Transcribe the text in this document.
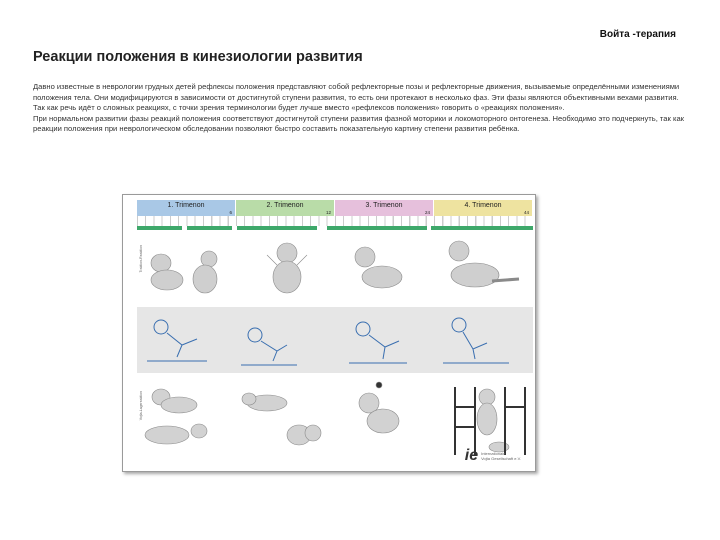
Войта -терапия
Реакции положения в кинезиологии развития

Давно известные в неврологии грудных детей рефлексы положения представляют собой рефлекторные позы и рефлекторные движения, вызываемые определёнными изменениями положения тела. Они модифицируются в зависимости от достигнутой ступени развития, то есть они протекают в несколько фаз. Эти фазы являются объективными вехами развития.

Так как речь идёт о сложных реакциях, с точки зрения терминологии будет лучше вместо «рефлексов положения» говорить о «реакциях положения».

При нормальном развитии фазы реакций положения соответствуют достигнутой ступени развития фазной моторики и локомоторного онтогенеза. Необходимо это подчеркнуть, так как реакции положения при неврологическом обследовании позволяют быстро составить показательную картину степени развития ребёнка.

1. Trimenon
6
2. Trimenon
12
3. Trimenon
24
4. Trimenon
44
Traktion-Reaktion
Vojta-Lagereaktion
ie Internationale
Vojta Gesellschaft e.V.
